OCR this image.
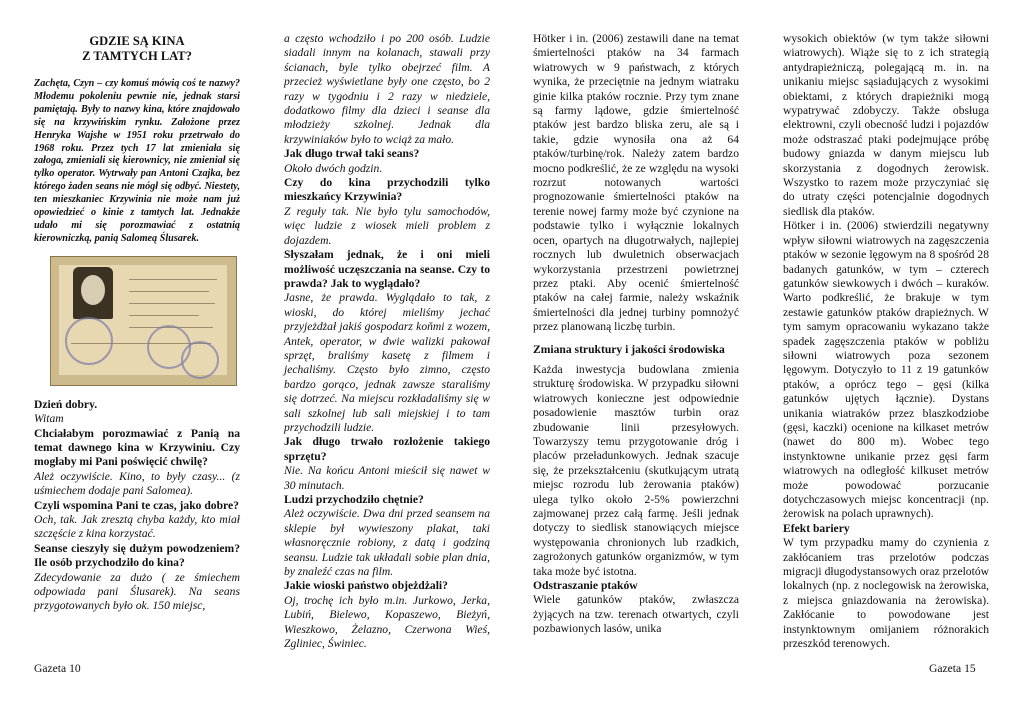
GDZIE SĄ KINA
Z TAMTYCH LAT?

Zachęta, Czyn – czy komuś mówią coś te nazwy? Młodemu pokoleniu pewnie nie, jednak starsi pamiętają. Były to nazwy kina, które znajdowało się na krzywińskim rynku. Założone przez Henryka Wajshe w 1951 roku przetrwało do 1968 roku. Przez tych 17 lat zmieniała się załoga, zmieniali się kierownicy, nie zmieniał się tylko operator. Wytrwały pan Antoni Czajka, bez którego żaden seans nie mógł się odbyć. Niestety, ten mieszkaniec Krzywinia nie może nam już opowiedzieć o kinie z tamtych lat. Jednakże udało mi się porozmawiać z ostatnią kierowniczką, panią Salomeą Ślusarek.

Dzień dobry.

Witam

Chciałabym porozmawiać z Panią na temat dawnego kina w Krzywiniu. Czy mogłaby mi Pani poświęcić chwilę?

Ależ oczywiście. Kino, to były czasy... (z uśmiechem dodaje pani Salomea).

Czyli wspomina Pani te czas, jako dobre?

Och, tak. Jak zresztą chyba każdy, kto miał szczęście z kina korzystać.

Seanse cieszyły się dużym powodzeniem? Ile osób przychodziło do kina?

Zdecydowanie za dużo ( ze śmiechem odpowiada pani Ślusarek). Na seans przygotowanych było ok. 150 miejsc,

a często wchodziło i po 200 osób. Ludzie siadali innym na kolanach, stawali przy ścianach, byle tylko obejrzeć film. A przecież wyświetlane były one często, bo 2 razy w tygodniu i 2 razy w niedziele, dodatkowo filmy dla dzieci i seanse dla młodzieży szkolnej. Jednak dla krzywiniaków było to wciąż za mało.

Jak długo trwał taki seans?

Około dwóch godzin.

Czy do kina przychodzili tylko mieszkańcy Krzywinia?

Z reguły tak. Nie było tylu samochodów, więc ludzie z wiosek mieli problem z dojazdem.

Słyszałam jednak, że i oni mieli możliwość uczęszczania na seanse. Czy to prawda? Jak to wyglądało?

Jasne, że prawda. Wyglądało to tak, z wioski, do której mieliśmy jechać przyjeżdżał jakiś gospodarz koňmi z wozem, Antek, operator, w dwie walizki pakował sprzęt, braliśmy kasetę z filmem i jechaliśmy. Często było zimno, często bardzo gorąco, jednak zawsze staraliśmy się dotrzeć. Na miejscu rozkładaliśmy się w sali szkolnej lub sali miejskiej i to tam przychodzili ludzie.

Jak długo trwało rozłożenie takiego sprzętu?

Nie. Na końcu Antoni mieścił się nawet w 30 minutach.

Ludzi przychodziło chętnie?

Ależ oczywiście. Dwa dni przed seansem na sklepie był wywieszony plakat, taki własnoręcznie robiony, z datą i godziną seansu. Ludzie tak układali sobie plan dnia, by znaleźć czas na film.

Jakie wioski państwo objeżdżali?

Oj, trochę ich było m.in. Jurkowo, Jerka, Lubiń, Bielewo, Kopaszewo, Bieżyń, Wieszkowo, Żelazno, Czerwona Wieś, Zgliniec, Świniec.

Hötker i in. (2006) zestawili dane na temat śmiertelności ptaków na 34 farmach wiatrowych w 9 państwach, z których wynika, że przeciętnie na jednym wiatraku ginie kilka ptaków rocznie. Przy tym znane są farmy lądowe, gdzie śmiertelność ptaków jest bardzo bliska zeru, ale są i takie, gdzie wynosiła ona aż 64 ptaków/turbinę/rok. Należy zatem bardzo mocno podkreślić, że ze względu na wysoki rozrzut notowanych wartości prognozowanie śmiertelności ptaków na terenie nowej farmy może być czynione na podstawie tylko i wyłącznie lokalnych ocen, opartych na długotrwałych, najlepiej rocznych lub dwuletnich obserwacjach wykorzystania przestrzeni powietrznej przez ptaki. Aby ocenić śmiertelność ptaków na całej farmie, należy wskaźnik śmiertelności dla jednej turbiny pomnożyć przez planowaną liczbę turbin.

Zmiana struktury i jakości środowiska

Każda inwestycja budowlana zmienia strukturę środowiska. W przypadku siłowni wiatrowych konieczne jest odpowiednie posadowienie masztów turbin oraz zbudowanie linii przesyłowych. Towarzyszy temu przygotowanie dróg i placów przeładunkowych. Jednak szacuje się, że przekształceniu (skutkującym utratą miejsc rozrodu lub żerowania ptaków) ulega tylko około 2-5% powierzchni zajmowanej przez całą farmę. Jeśli jednak dotyczy to siedlisk stanowiących miejsce występowania chronionych lub rzadkich, zagrożonych gatunków organizmów, w tym taka może być istotna.

Odstraszanie ptaków

Wiele gatunków ptaków, zwłaszcza żyjących na tzw. terenach otwartych, czyli pozbawionych lasów, unika

wysokich obiektów (w tym także siłowni wiatrowych). Wiąże się to z ich strategią antydrapieżniczą, polegającą m. in. na unikaniu miejsc sąsiadujących z wysokimi obiektami, z których drapieżniki mogą wypatrywać zdobyczy. Także obsługa elektrowni, czyli obecność ludzi i pojazdów może odstraszać ptaki podejmujące próbę budowy gniazda w danym miejscu lub skorzystania z dogodnych żerowisk. Wszystko to razem może przyczyniać się do utraty części potencjalnie dogodnych siedlisk dla ptaków.

Hötker i in. (2006) stwierdzili negatywny wpływ siłowni wiatrowych na zagęszczenia ptaków w sezonie lęgowym na 8 spośród 28 badanych gatunków, w tym – czterech gatunków siewkowych i dwóch – kuraków. Warto podkreślić, że brakuje w tym zestawie gatunków ptaków drapieżnych. W tym samym opracowaniu wykazano także spadek zagęszczenia ptaków w pobliżu siłowni wiatrowych poza sezonem lęgowym. Dotyczyło to 11 z 19 gatunków ptaków, a oprócz tego – gęsi (kilka gatunków ujętych łącznie). Dystans unikania wiatraków przez blaszkodziobe (gęsi, kaczki) ocenione na kilkaset metrów (nawet do 800 m). Wobec tego instynktowne unikanie przez gęsi farm wiatrowych na odległość kilkuset metrów może powodować porzucanie dotychczasowych miejsc koncentracji (np. żerowisk na polach uprawnych).

Efekt bariery

W tym przypadku mamy do czynienia z zakłócaniem tras przelotów podczas migracji długodystansowych oraz przelotów lokalnych (np. z noclegowisk na żerowiska, z miejsca gniazdowania na żerowiska). Zakłócanie to powodowane jest instynktownym omijaniem różnorakich przeszkód terenowych.

Gazeta 10	Gazeta 15
